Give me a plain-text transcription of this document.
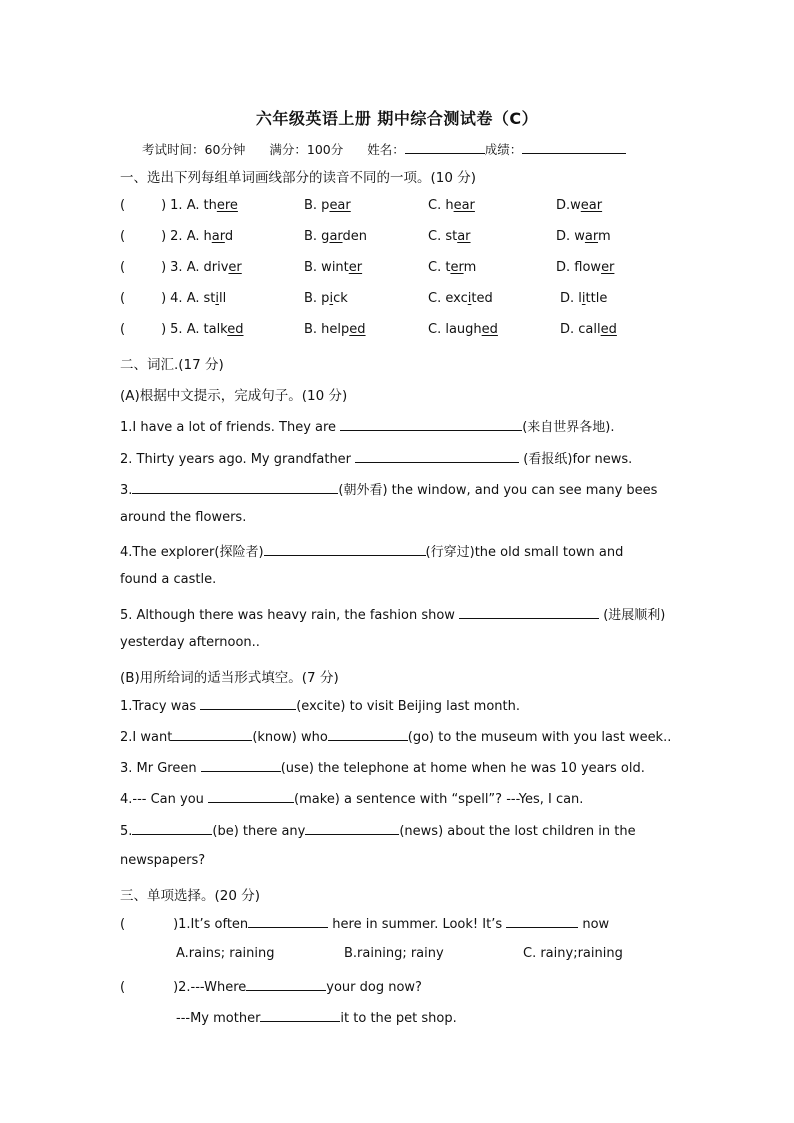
六年级英语上册 期中综合测试卷（C）
考试时间：60分钟 满分：100分 姓名：	成绩：
一、选出下列每组单词画线部分的读音不同的一项。(10 分)
(	) 1. A. there	B. pear	C. hear	D.wear
(	) 2. A. hard	B. garden	C. star	D. warm
(	) 3. A. driver	B. winter	C. term	D. flower
(	) 4. A. still	B. pick	C. excited	D. little
(	) 5. A. talked	B. helped	C. laughed	D. called
二、词汇.(17 分)
(A)根据中文提示，完成句子。(10 分)
1.I have a lot of friends. They are	(来自世界各地).
2. Thirty years ago. My grandfather	(看报纸)for news.
3.	(朝外看) the window, and you can see many bees
around the flowers.
4.The explorer(探险者)	(行穿过)the old small town and
found a castle.
5. Although there was heavy rain, the fashion show	(进展顺利)
yesterday afternoon..
(B)用所给词的适当形式填空。(7 分)
1.Tracy was	(excite) to visit Beijing last month.
2.I want	(know) who	(go) to the museum with you last week..
3. Mr Green	(use) the telephone at home when he was 10 years old.
4.--- Can you	(make) a sentence with “spell”? ---Yes, I can.
5.	(be) there any	(news) about the lost children in the
newspapers?
三、单项选择。(20 分)
(	)1.It’s often	here in summer. Look! It’s	now
A.rains; raining	B.raining; rainy	C. rainy;raining
(	)2.---Where	your dog now?
---My mother	it to the pet shop.
